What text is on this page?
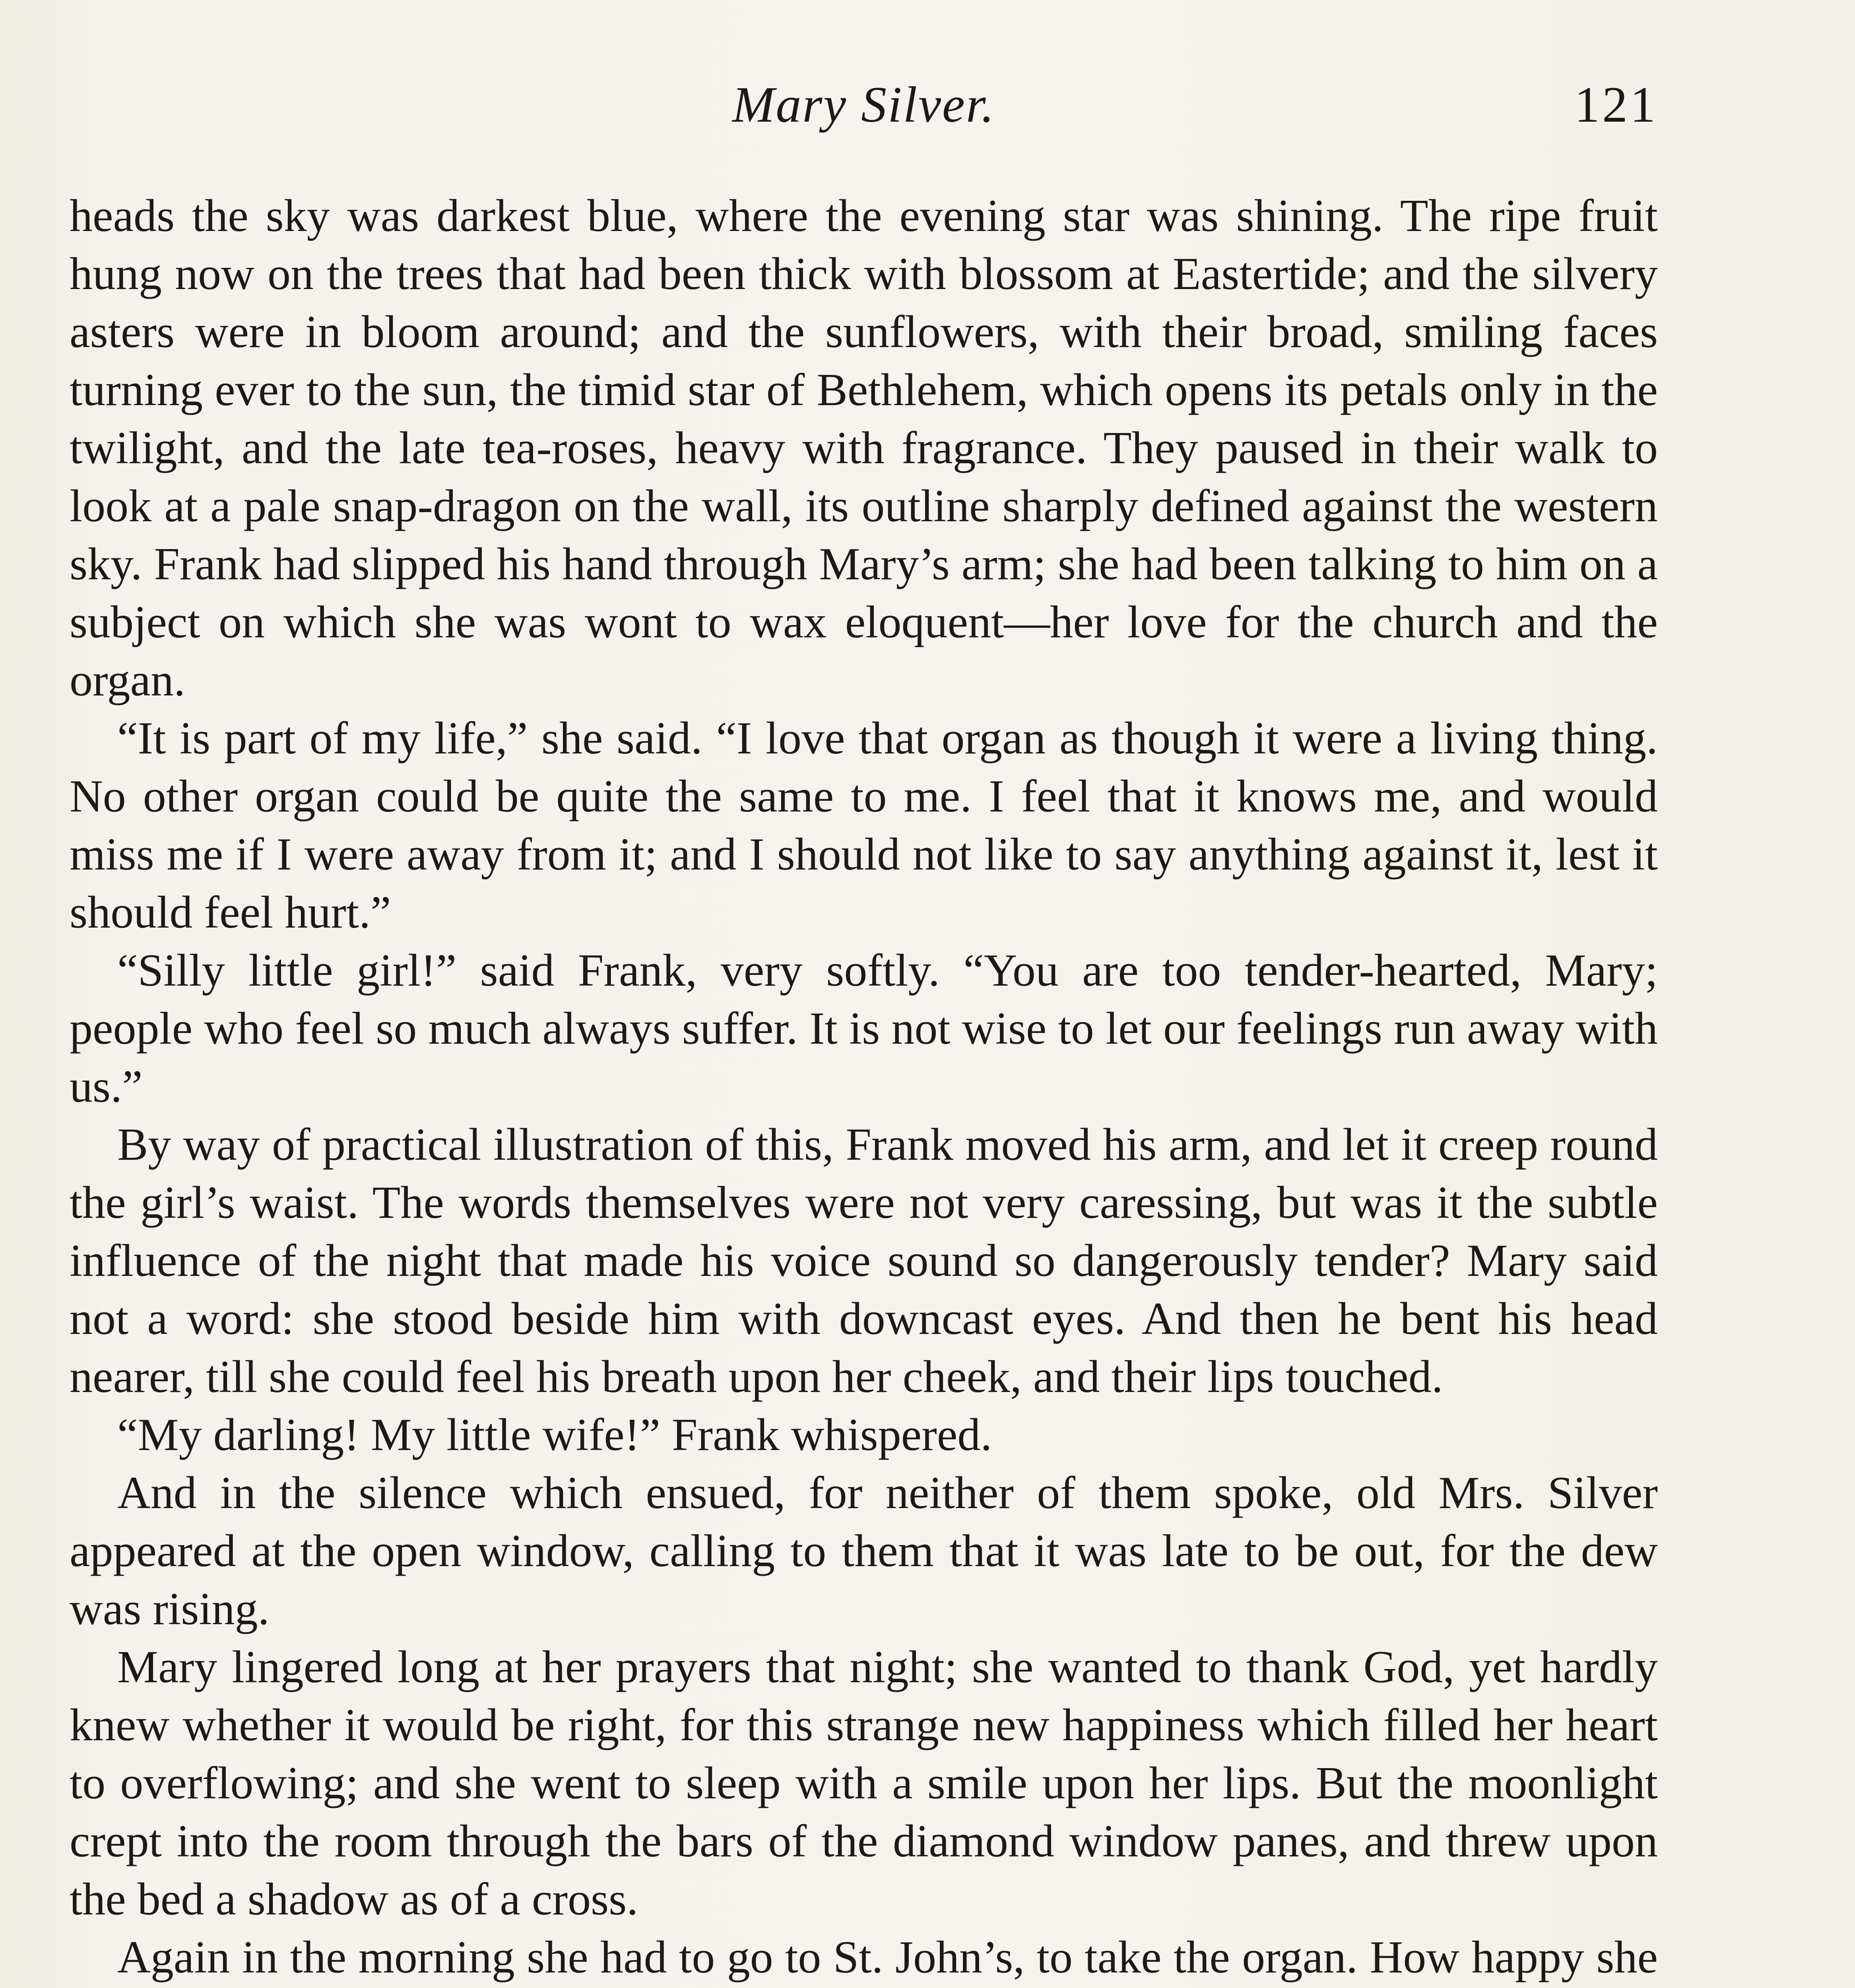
Mary Silver.	121

heads the sky was darkest blue, where the evening star was shining. The ripe fruit hung now on the trees that had been thick with blossom at Eastertide; and the silvery asters were in bloom around; and the sunflowers, with their broad, smiling faces turning ever to the sun, the timid star of Bethlehem, which opens its petals only in the twilight, and the late tea-roses, heavy with fragrance. They paused in their walk to look at a pale snap-dragon on the wall, its outline sharply defined against the western sky. Frank had slipped his hand through Mary’s arm; she had been talking to him on a subject on which she was wont to wax eloquent—her love for the church and the organ.

“It is part of my life,” she said. “I love that organ as though it were a living thing. No other organ could be quite the same to me. I feel that it knows me, and would miss me if I were away from it; and I should not like to say anything against it, lest it should feel hurt.”

“Silly little girl!” said Frank, very softly. “You are too tender-hearted, Mary; people who feel so much always suffer. It is not wise to let our feelings run away with us.”

By way of practical illustration of this, Frank moved his arm, and let it creep round the girl’s waist. The words themselves were not very caressing, but was it the subtle influence of the night that made his voice sound so dangerously tender? Mary said not a word: she stood beside him with downcast eyes. And then he bent his head nearer, till she could feel his breath upon her cheek, and their lips touched.

“My darling! My little wife!” Frank whispered.

And in the silence which ensued, for neither of them spoke, old Mrs. Silver appeared at the open window, calling to them that it was late to be out, for the dew was rising.

Mary lingered long at her prayers that night; she wanted to thank God, yet hardly knew whether it would be right, for this strange new happiness which filled her heart to overflowing; and she went to sleep with a smile upon her lips. But the moonlight crept into the room through the bars of the diamond window panes, and threw upon the bed a shadow as of a cross.

Again in the morning she had to go to St. John’s, to take the organ. How happy she
